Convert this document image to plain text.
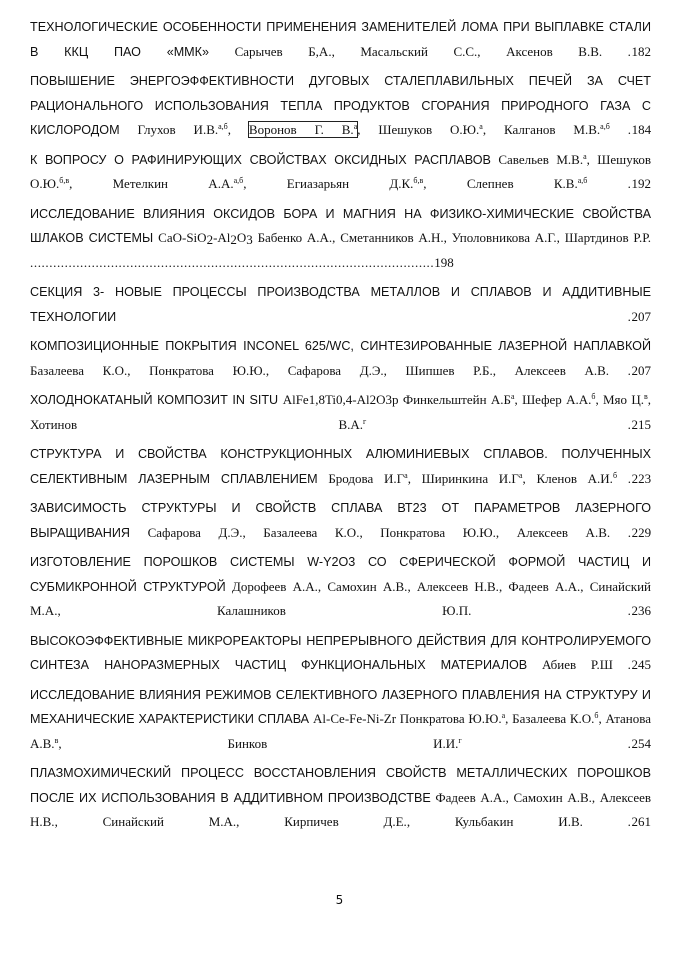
ТЕХНОЛОГИЧЕСКИЕ ОСОБЕННОСТИ ПРИМЕНЕНИЯ ЗАМЕНИТЕЛЕЙ ЛОМА ПРИ ВЫПЛАВКЕ СТАЛИ В ККЦ ПАО «ММК» Сарычев Б,А., Масальский С.С., Аксенов В.В. .182
ПОВЫШЕНИЕ ЭНЕРГОЭФФЕКТИВНОСТИ ДУГОВЫХ СТАЛЕПЛАВИЛЬНЫХ ПЕЧЕЙ ЗА СЧЕТ РАЦИОНАЛЬНОГО ИСПОЛЬЗОВАНИЯ ТЕПЛА ПРОДУКТОВ СГОРАНИЯ ПРИРОДНОГО ГАЗА С КИСЛОРОДОМ Глухов И.В.$^{а,б}$, Воронов Г. В.$^а$, Шешуков О.Ю.$^а$, Калганов М.В.$^{а,б}$ .184
К ВОПРОСУ О РАФИНИРУЮЩИХ СВОЙСТВАХ ОКСИДНЫХ РАСПЛАВОВ Савельев М.В.$^а$, Шешуков О.Ю.$^{б,в}$, Метелкин А.А.$^{а,б}$, Егиазарьян Д.К.$^{б,в}$, Слепнев К.В.$^{а,б}$	.192
ИССЛЕДОВАНИЕ ВЛИЯНИЯ ОКСИДОВ БОРА И МАГНИЯ НА ФИЗИКО-ХИМИЧЕСКИЕ СВОЙСТВА ШЛАКОВ СИСТЕМЫ CaO-$SiO_2-Al_2O_3$ Бабенко А.А., Сметанников А.Н., Уполовникова А.Г., Шартдинов Р.Р. .........................................................................................................198
СЕКЦИЯ 3- НОВЫЕ ПРОЦЕССЫ ПРОИЗВОДСТВА МЕТАЛЛОВ И СПЛАВОВ И АДДИТИВНЫЕ ТЕХНОЛОГИИ	.207
КОМПОЗИЦИОННЫЕ ПОКРЫТИЯ INCONEL 625/WC, СИНТЕЗИРОВАННЫЕ ЛАЗЕРНОЙ НАПЛАВКОЙ Базалеева К.О., Понкратова Ю.Ю., Сафарова Д.Э., Шипшев Р.Б., Алексеев А.В. .207
ХОЛОДНОКАТАНЫЙ КОМПОЗИТ IN SITU AlFe1,8Ti0,4-Al2O3p Финкельштейн $А.Б^а$, Шефер А.А.$^б$, Мяо Ц.$^в$, Хотинов В.А.$^г$	.215
СТРУКТУРА И СВОЙСТВА КОНСТРУКЦИОННЫХ АЛЮМИНИЕВЫХ СПЛАВОВ. ПОЛУЧЕННЫХ СЕЛЕКТИВНЫМ ЛАЗЕРНЫМ СПЛАВЛЕНИЕМ Бродова $И.Г^а$, Ширинкина $И.Г^а$, Кленов А.И.$^б$ .223
ЗАВИСИМОСТЬ СТРУКТУРЫ И СВОЙСТВ СПЛАВА ВТ23 ОТ ПАРАМЕТРОВ ЛАЗЕРНОГО ВЫРАЩИВАНИЯ Сафарова Д.Э., Базалеева К.О., Понкратова Ю.Ю., Алексеев А.В. .229
ИЗГОТОВЛЕНИЕ ПОРОШКОВ СИСТЕМЫ W-Y2O3 СО СФЕРИЧЕСКОЙ ФОРМОЙ ЧАСТИЦ И СУБМИКРОННОЙ СТРУКТУРОЙ Дорофеев А.А., Самохин А.В., Алексеев Н.В., Фадеев А.А., Синайский М.А., Калашников Ю.П.	.236
ВЫСОКОЭФФЕКТИВНЫЕ МИКРОРЕАКТОРЫ НЕПРЕРЫВНОГО ДЕЙСТВИЯ ДЛЯ КОНТРОЛИРУЕМОГО СИНТЕЗА НАНОРАЗМЕРНЫХ ЧАСТИЦ ФУНКЦИОНАЛЬНЫХ МАТЕРИАЛОВ Абиев Р.Ш .245
ИССЛЕДОВАНИЕ ВЛИЯНИЯ РЕЖИМОВ СЕЛЕКТИВНОГО ЛАЗЕРНОГО ПЛАВЛЕНИЯ НА СТРУКТУРУ И МЕХАНИЧЕСКИЕ ХАРАКТЕРИСТИКИ СПЛАВА Al-Ce-Fe-Ni-Zr Понкратова Ю.Ю.$^а$, Базалеева К.О.$^б$, Атанова А.В.$^в$, Бинков И.И.$^г$	.254
ПЛАЗМОХИМИЧЕСКИЙ ПРОЦЕСС ВОССТАНОВЛЕНИЯ СВОЙСТВ МЕТАЛЛИЧЕСКИХ ПОРОШКОВ ПОСЛЕ ИХ ИСПОЛЬЗОВАНИЯ В АДДИТИВНОМ ПРОИЗВОДСТВЕ Фадеев А.А., Самохин А.В., Алексеев Н.В., Синайский М.А., Кирпичев Д.Е., Кульбакин И.В.	.261
5
